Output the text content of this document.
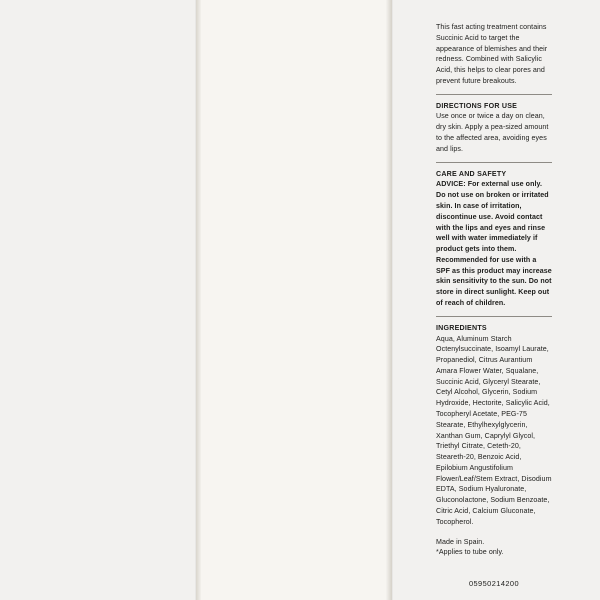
This fast acting treatment contains Succinic Acid to target the appearance of blemishes and their redness. Combined with Salicylic Acid, this helps to clear pores and prevent future breakouts.

DIRECTIONS FOR USE

Use once or twice a day on clean, dry skin. Apply a pea-sized amount to the affected area, avoiding eyes and lips.

CARE AND SAFETY

ADVICE: For external use only. Do not use on broken or irritated skin. In case of irritation, discontinue use. Avoid contact with the lips and eyes and rinse well with water immediately if product gets into them. Recommended for use with a SPF as this product may increase skin sensitivity to the sun. Do not store in direct sunlight. Keep out of reach of children.

INGREDIENTS

Aqua, Aluminum Starch Octenylsuccinate, Isoamyl Laurate, Propanediol, Citrus Aurantium Amara Flower Water, Squalane, Succinic Acid, Glyceryl Stearate, Cetyl Alcohol, Glycerin, Sodium Hydroxide, Hectorite, Salicylic Acid, Tocopheryl Acetate, PEG-75 Stearate, Ethylhexylglycerin, Xanthan Gum, Caprylyl Glycol, Triethyl Citrate, Ceteth-20, Steareth-20, Benzoic Acid, Epilobium Angustifolium Flower/Leaf/Stem Extract, Disodium EDTA, Sodium Hyaluronate, Gluconolactone, Sodium Benzoate, Citric Acid, Calcium Gluconate, Tocopherol.

Made in Spain.

*Applies to tube only.

05950214200
